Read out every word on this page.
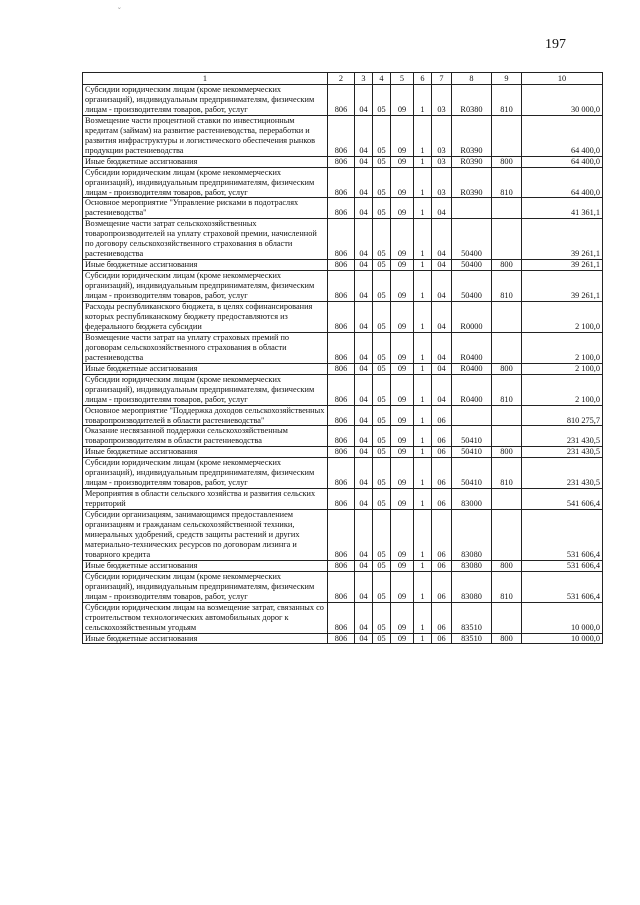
˘
197
1	2	3	4	5	6	7	8	9	10
Субсидии юридическим лицам (кроме некоммерческих организаций), индивидуальным предпринимателям, физическим лицам - производителям товаров, работ, услуг	806	04	05	09	1	03	R0380	810	30 000,0
Возмещение части процентной ставки по инвестиционным кредитам (займам) на развитие растениеводства, переработки и развития инфраструктуры и логистического обеспечения рынков продукции растениеводства	806	04	05	09	1	03	R0390		64 400,0
Иные бюджетные ассигнования	806	04	05	09	1	03	R0390	800	64 400,0
Субсидии юридическим лицам (кроме некоммерческих организаций), индивидуальным предпринимателям, физическим лицам - производителям товаров, работ, услуг	806	04	05	09	1	03	R0390	810	64 400,0
Основное мероприятие "Управление рисками в подотраслях растениеводства"	806	04	05	09	1	04			41 361,1
Возмещение части затрат сельскохозяйственных товаропроизводителей на уплату страховой премии, начисленной по договору сельскохозяйственного страхования в области растениеводства	806	04	05	09	1	04	50400		39 261,1
Иные бюджетные ассигнования	806	04	05	09	1	04	50400	800	39 261,1
Субсидии юридическим лицам (кроме некоммерческих организаций), индивидуальным предпринимателям, физическим лицам - производителям товаров, работ, услуг	806	04	05	09	1	04	50400	810	39 261,1
Расходы республиканского бюджета, в целях софинансирования которых республиканскому бюджету предоставляются из федерального бюджета субсидии	806	04	05	09	1	04	R0000		2 100,0
Возмещение части затрат на уплату страховых премий по договорам сельскохозяйственного страхования в области растениеводства	806	04	05	09	1	04	R0400		2 100,0
Иные бюджетные ассигнования	806	04	05	09	1	04	R0400	800	2 100,0
Субсидии юридическим лицам (кроме некоммерческих организаций), индивидуальным предпринимателям, физическим лицам - производителям товаров, работ, услуг	806	04	05	09	1	04	R0400	810	2 100,0
Основное мероприятие "Поддержка доходов сельскохозяйственных товаропроизводителей в области растениеводства"	806	04	05	09	1	06			810 275,7
Оказание несвязанной поддержки сельскохозяйственным товаропроизводителям в области растениеводства	806	04	05	09	1	06	50410		231 430,5
Иные бюджетные ассигнования	806	04	05	09	1	06	50410	800	231 430,5
Субсидии юридическим лицам (кроме некоммерческих организаций), индивидуальным предпринимателям, физическим лицам - производителям товаров, работ, услуг	806	04	05	09	1	06	50410	810	231 430,5
Мероприятия в области сельского хозяйства и развития сельских территорий	806	04	05	09	1	06	83000		541 606,4
Субсидии организациям, занимающимся предоставлением организациям и гражданам сельскохозяйственной техники, минеральных удобрений, средств защиты растений и других материально-технических ресурсов по договорам лизинга и товарного кредита	806	04	05	09	1	06	83080		531 606,4
Иные бюджетные ассигнования	806	04	05	09	1	06	83080	800	531 606,4
Субсидии юридическим лицам (кроме некоммерческих организаций), индивидуальным предпринимателям, физическим лицам - производителям товаров, работ, услуг	806	04	05	09	1	06	83080	810	531 606,4
Субсидии юридическим лицам на возмещение затрат, связанных со строительством технологических автомобильных дорог к сельскохозяйственным угодьям	806	04	05	09	1	06	83510		10 000,0
Иные бюджетные ассигнования	806	04	05	09	1	06	83510	800	10 000,0
